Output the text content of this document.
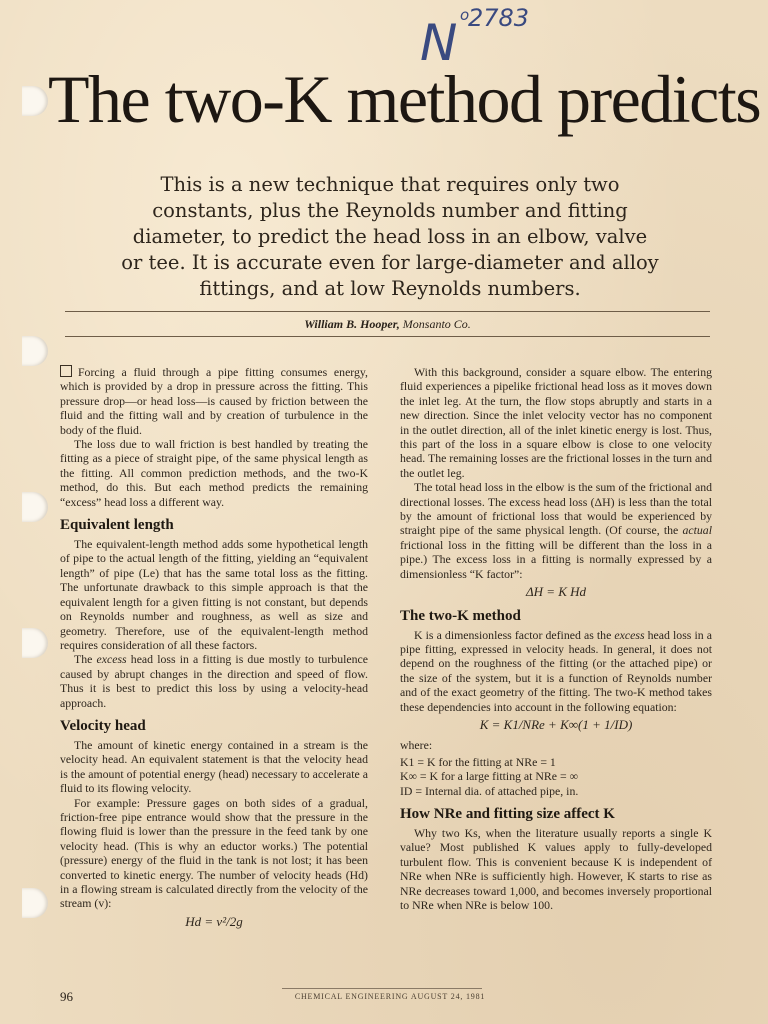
N o
2783
The two-K method predicts
This is a new technique that requires only two constants, plus the Reynolds number and fitting diameter, to predict the head loss in an elbow, valve or tee. It is accurate even for large-diameter and alloy fittings, and at low Reynolds numbers.
William B. Hooper, Monsanto Co.

Forcing a fluid through a pipe fitting consumes energy, which is provided by a drop in pressure across the fitting. This pressure drop—or head loss—is caused by friction between the fluid and the fitting wall and by creation of turbulence in the body of the fluid.

The loss due to wall friction is best handled by treating the fitting as a piece of straight pipe, of the same physical length as the fitting. All common prediction methods, and the two-K method, do this. But each method predicts the remaining “excess” head loss a different way.

Equivalent length

The equivalent-length method adds some hypothetical length of pipe to the actual length of the fitting, yielding an “equivalent length” of pipe (Le) that has the same total loss as the fitting. The unfortunate drawback to this simple approach is that the equivalent length for a given fitting is not constant, but depends on Reynolds number and roughness, as well as size and geometry. Therefore, use of the equivalent-length method requires consideration of all these factors.

The excess head loss in a fitting is due mostly to turbulence caused by abrupt changes in the direction and speed of flow. Thus it is best to predict this loss by using a velocity-head approach.

Velocity head

The amount of kinetic energy contained in a stream is the velocity head. An equivalent statement is that the velocity head is the amount of potential energy (head) necessary to accelerate a fluid to its flowing velocity.

For example: Pressure gages on both sides of a gradual, friction-free pipe entrance would show that the pressure in the flowing fluid is lower than the pressure in the feed tank by one velocity head. (This is why an eductor works.) The potential (pressure) energy of the fluid in the tank is not lost; it has been converted to kinetic energy. The number of velocity heads (Hd) in a flowing stream is calculated directly from the velocity of the stream (v):

Hd = v²/2g

With this background, consider a square elbow. The entering fluid experiences a pipelike frictional head loss as it moves down the inlet leg. At the turn, the flow stops abruptly and starts in a new direction. Since the inlet velocity vector has no component in the outlet direction, all of the inlet kinetic energy is lost. Thus, this part of the loss in a square elbow is close to one velocity head. The remaining losses are the frictional losses in the turn and the outlet leg.

The total head loss in the elbow is the sum of the frictional and directional losses. The excess head loss (ΔH) is less than the total by the amount of frictional loss that would be experienced by straight pipe of the same physical length. (Of course, the actual frictional loss in the fitting will be different than the loss in a pipe.) The excess loss in a fitting is normally expressed by a dimensionless “K factor”:

ΔH = K Hd
The two-K method

K is a dimensionless factor defined as the excess head loss in a pipe fitting, expressed in velocity heads. In general, it does not depend on the roughness of the fitting (or the attached pipe) or the size of the system, but it is a function of Reynolds number and of the exact geometry of the fitting. The two-K method takes these dependencies into account in the following equation:

K = K1/NRe + K∞(1 + 1/ID)
where:
K1 = K for the fitting at NRe = 1
K∞ = K for a large fitting at NRe = ∞
ID = Internal dia. of attached pipe, in.
How NRe and fitting size affect K

Why two Ks, when the literature usually reports a single K value? Most published K values apply to fully-developed turbulent flow. This is convenient because K is independent of NRe when NRe is sufficiently high. However, K starts to rise as NRe decreases toward 1,000, and becomes inversely proportional to NRe when NRe is below 100.

96	CHEMICAL ENGINEERING AUGUST 24, 1981
